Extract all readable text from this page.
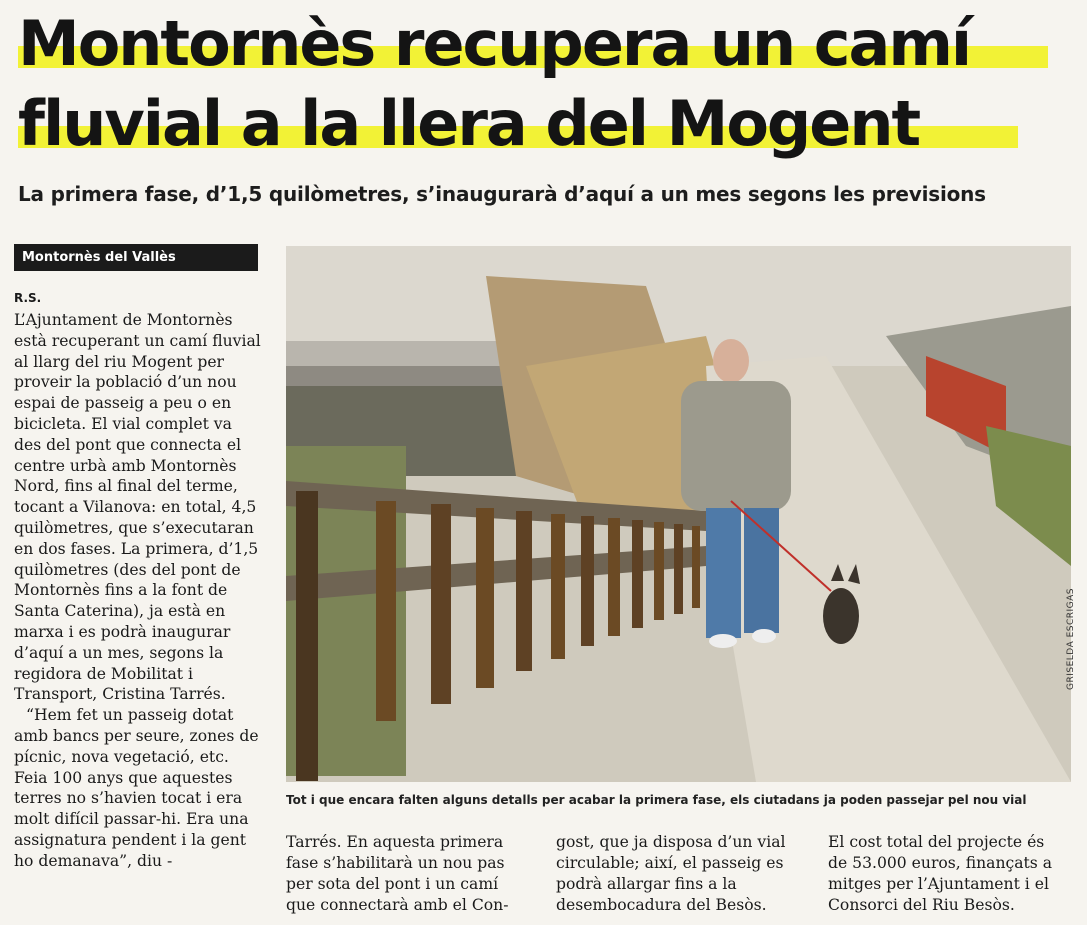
Montornès recupera un camí
fluvial a la llera del Mogent
La primera fase, d’1,5 quilòmetres, s’inaugurarà d’aquí a un mes segons les previsions
Montornès del Vallès
R.S.

L’Ajuntament de Montornès està recuperant un camí fluvial al llarg del riu Mogent per proveir la població d’un nou espai de passeig a peu o en bicicleta. El vial complet va des del pont que connecta el centre urbà amb Montornès Nord, fins al final del terme, tocant a Vilanova: en total, 4,5 quilòmetres, que s’executaran en dos fases. La primera, d’1,5 quilòmetres (des del pont de Montornès fins a la font de Santa Caterina), ja està en marxa i es podrà inaugurar d’aquí a un mes, segons la regidora de Mobilitat i Transport, Cristina Tarrés.

“Hem fet un passeig dotat amb bancs per seure, zones de pícnic, nova vegetació, etc. Feia 100 anys que aquestes terres no s’havien tocat i era molt difícil passar-hi. Era una assignatura pendent i la gent ho demanava”, diu -

GRISELDA ESCRIGAS
Tot i que encara falten alguns detalls per acabar la primera fase, els ciutadans ja poden passejar pel nou vial

Tarrés. En aquesta primera fase s’habilitarà un nou pas per sota del pont i un camí que connectarà amb el Con-

gost, que ja disposa d’un vial circulable; així, el passeig es podrà allargar fins a la desembocadura del Besòs.

El cost total del projecte és de 53.000 euros, finançats a mitges per l’Ajuntament i el Consorci del Riu Besòs.
